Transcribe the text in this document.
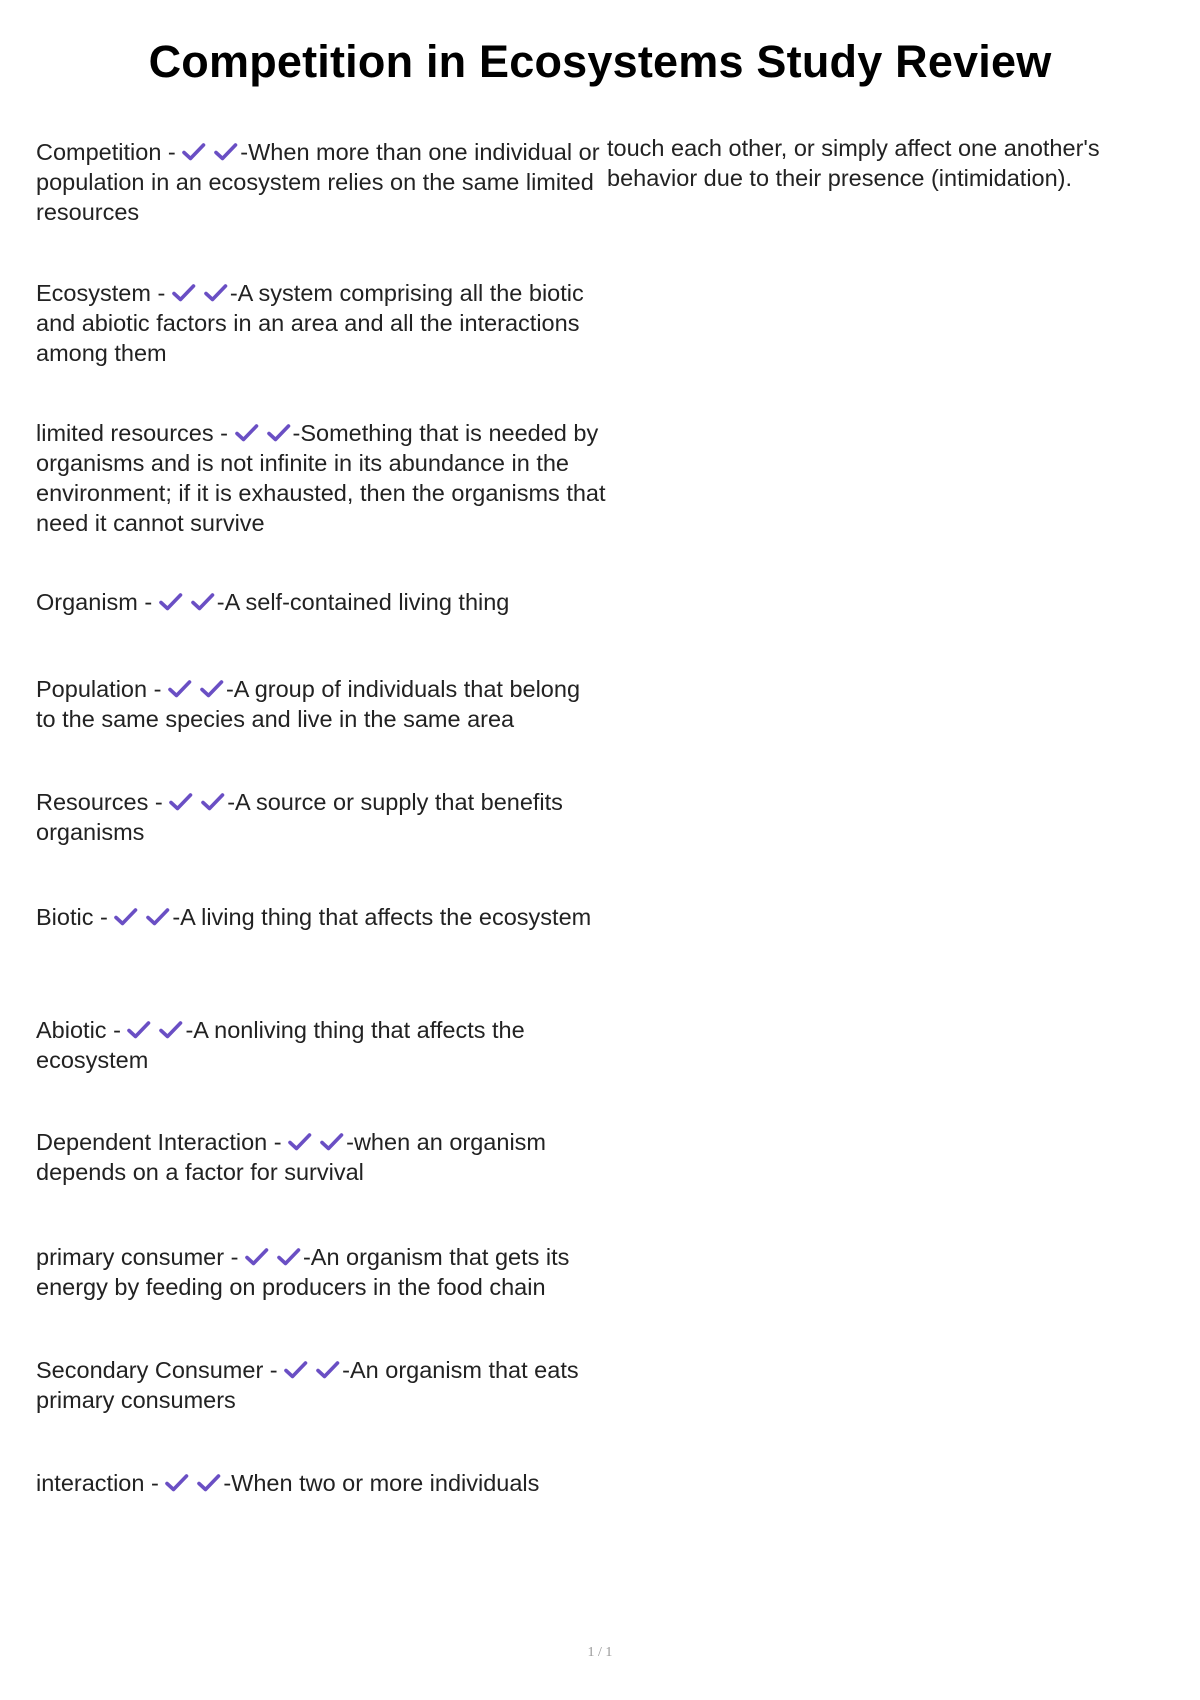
Competition in Ecosystems Study Review

Competition -
-When more than one individual or population in an ecosystem relies on the same limited resources

Ecosystem -
-A system comprising all the biotic and abiotic factors in an area and all the interactions among them

limited resources -
-Something that is needed by organisms and is not infinite in its abundance in the environment; if it is exhausted, then the organisms that need it cannot survive

Organism -
-A self-contained living thing

Population -
-A group of individuals that belong to the same species and live in the same area

Resources -
-A source or supply that benefits organisms

Biotic -
-A living thing that affects the ecosystem

Abiotic -
-A nonliving thing that affects the ecosystem

Dependent Interaction -
-when an organism depends on a factor for survival

primary consumer -
-An organism that gets its energy by feeding on producers in the food chain

Secondary Consumer -
-An organism that eats primary consumers

interaction -
-When two or more individuals

touch each other, or simply affect one another's behavior due to their presence (intimidation).

1 / 1
